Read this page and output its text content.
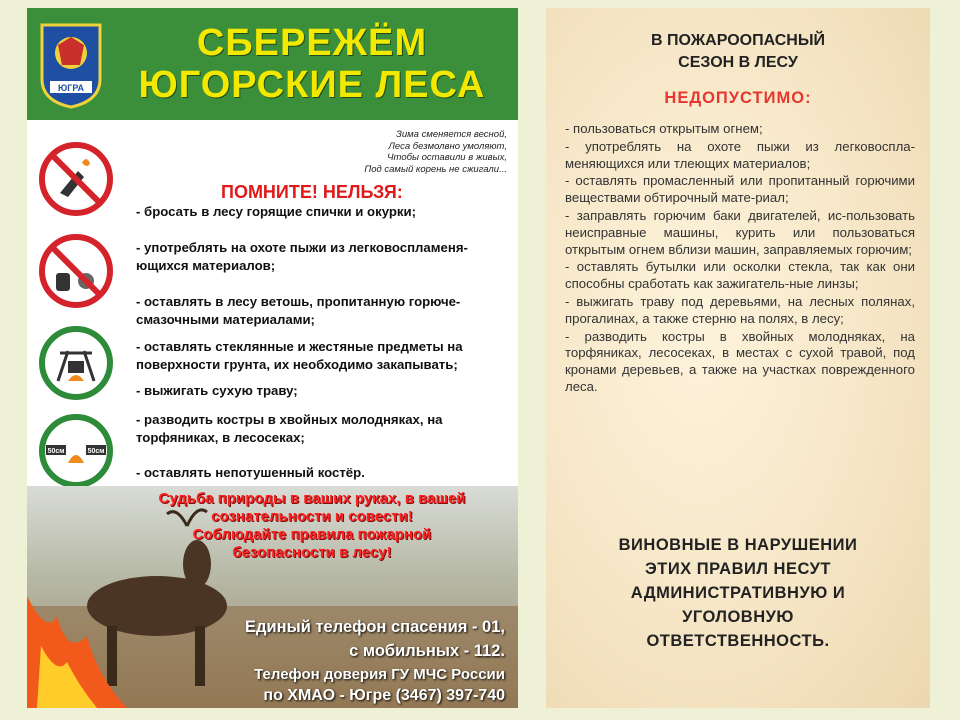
ЮГРА
СБЕРЕЖЁМ
ЮГОРСКИЕ ЛЕСА
Зима сменяется весной,
Леса безмолвно умоляют,
Чтобы оставили в живых,
Под самый корень не сжигали...
ПОМНИТЕ! НЕЛЬЗЯ:
- бросать в лесу горящие спички и окурки;
- употреблять на охоте пыжи из легковоспламеня-ющихся материалов;
- оставлять в лесу ветошь, пропитанную горюче-смазочными материалами;
- оставлять стеклянные и жестяные предметы на поверхности грунта, их необходимо закапывать;
- выжигать сухую траву;
- разводить костры в хвойных молодняках, на торфяниках, в лесосеках;
- оставлять непотушенный костёр.
50см	50см
Судьба природы в ваших руках, в вашей
сознательности и совести!
Соблюдайте правила пожарной
безопасности в лесу!
Единый телефон спасения - 01,
с мобильных - 112.
Телефон доверия ГУ МЧС России
по ХМАО - Югре (3467) 397-740
В ПОЖАРООПАСНЫЙ
СЕЗОН В ЛЕСУ
НЕДОПУСТИМО:
- пользоваться открытым огнем;
- употреблять на охоте пыжи из легковоспла-меняющихся или тлеющих материалов;
- оставлять промасленный или пропитанный горючими веществами обтирочный мате-риал;
- заправлять горючим баки двигателей, ис-пользовать неисправные машины, курить или пользоваться открытым огнем вблизи машин, заправляемых горючим;
- оставлять бутылки или осколки стекла, так как они способны сработать как зажигатель-ные линзы;
- выжигать траву под деревьями, на лесных полянах, прогалинах, а также стерню на полях, в лесу;
- разводить костры в хвойных молодняках, на торфяниках, лесосеках, в местах с сухой травой, под кронами деревьев, а также на участках поврежденного леса.
ВИНОВНЫЕ В НАРУШЕНИИ
ЭТИХ ПРАВИЛ НЕСУТ
АДМИНИСТРАТИВНУЮ И
УГОЛОВНУЮ
ОТВЕТСТВЕННОСТЬ.
